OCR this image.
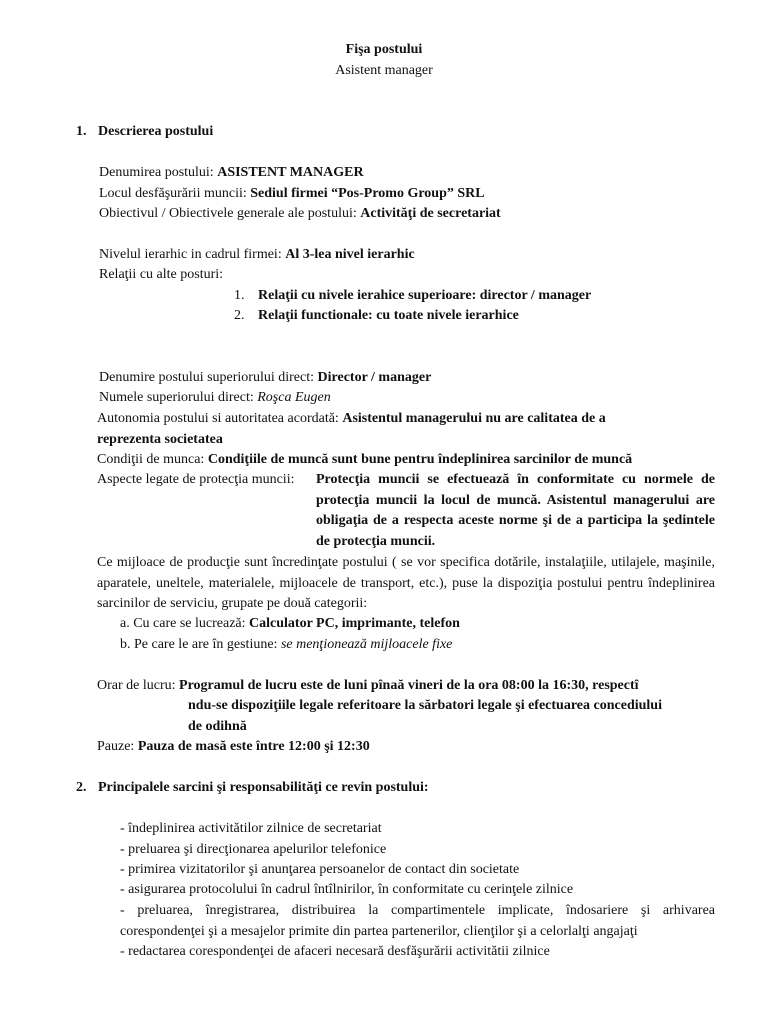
Fişa postului
Asistent manager
1. Descrierea postului
Denumirea postului: ASISTENT MANAGER
Locul desfăşurării muncii: Sediul firmei “Pos-Promo Group” SRL
Obiectivul / Obiectivele generale ale postului: Activităţi de secretariat
Nivelul ierarhic in cadrul firmei: Al 3-lea nivel ierarhic
Relaţii cu alte posturi:
1. Relaţii cu nivele ierahice superioare: director / manager
2. Relaţii functionale: cu toate nivele ierarhice
Denumire postului superiorului direct: Director / manager
Numele superiorului direct: Roşca Eugen
Autonomia postului si autoritatea acordată: Asistentul managerului nu are calitatea de a reprezenta societatea
Condiţii de munca: Condiţiile de muncă sunt bune pentru îndeplinirea sarcinilor de muncă
Aspecte legate de protecţia muncii: Protecţia muncii se efectuează în conformitate cu normele de protecţia muncii la locul de muncă. Asistentul managerului are obligaţia de a respecta aceste norme şi de a participa la şedintele de protecţia muncii.
Ce mijloace de producţie sunt încredinţate postului ( se vor specifica dotările, instalaţiile, utilajele, maşinile, aparatele, uneltele, materialele, mijloacele de transport, etc.), puse la dispoziţia postului pentru îndeplinirea sarcinilor de serviciu, grupate pe două categorii:
a. Cu care se lucrează: Calculator PC, imprimante, telefon
b. Pe care le are în gestiune: se menţionează mijloacele fixe
Orar de lucru: Programul de lucru este de luni pînaă vineri de la ora 08:00 la 16:30, respectî
ndu-se dispoziţiile legale referitoare la sărbatori legale şi efectuarea concediului
de odihnă
Pauze: Pauza de masă este între 12:00 şi 12:30
2. Principalele sarcini şi responsabilităţi ce revin postului:
- îndeplinirea activitătilor zilnice de secretariat
- preluarea şi direcţionarea apelurilor telefonice
- primirea vizitatorilor şi anunţarea persoanelor de contact din societate
- asigurarea protocolului în cadrul întîlnirilor, în conformitate cu cerinţele zilnice
- preluarea, înregistrarea, distribuirea la compartimentele implicate, îndosariere şi arhivarea corespondenţei şi a mesajelor primite din partea partenerilor, clienţilor şi a celorlalţi angajaţi
- redactarea corespondenţei de afaceri necesară desfăşurării activitătii zilnice
